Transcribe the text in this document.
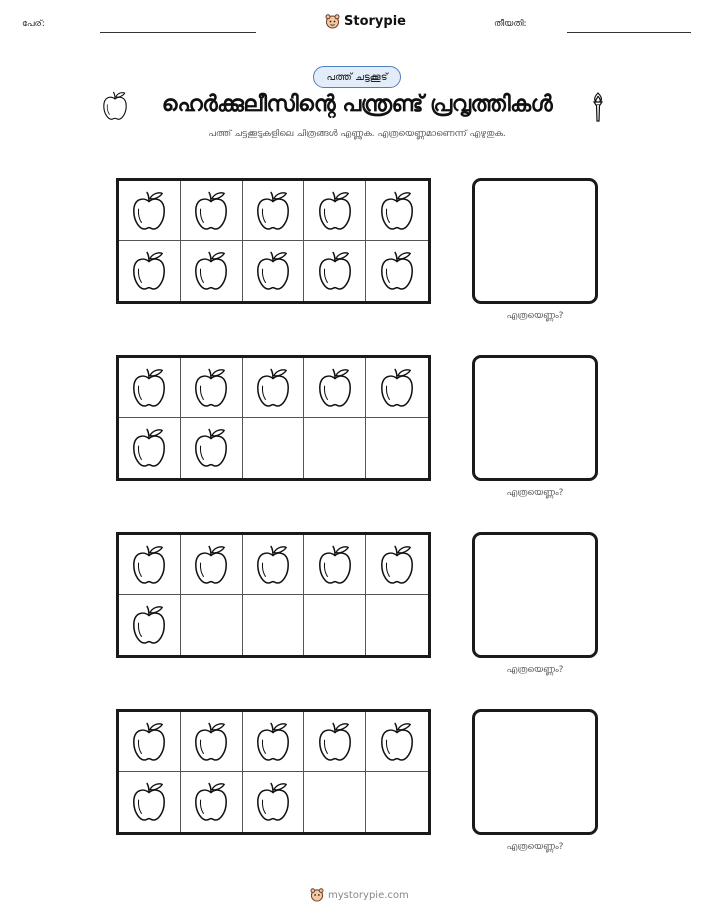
പേര്:	Storypie	തീയതി:
പത്ത് ചട്ടക്കൂട്
ഹെർക്കുലീസിന്റെ പന്ത്രണ്ട് പ്രവൃത്തികൾ
പത്ത് ചട്ടക്കൂടുകളിലെ ചിത്രങ്ങൾ എണ്ണുക. എത്രയെണ്ണമാണെന്ന് എഴുതുക.
എത്രയെണ്ണം?
എത്രയെണ്ണം?
എത്രയെണ്ണം?
എത്രയെണ്ണം?
mystorypie.com
